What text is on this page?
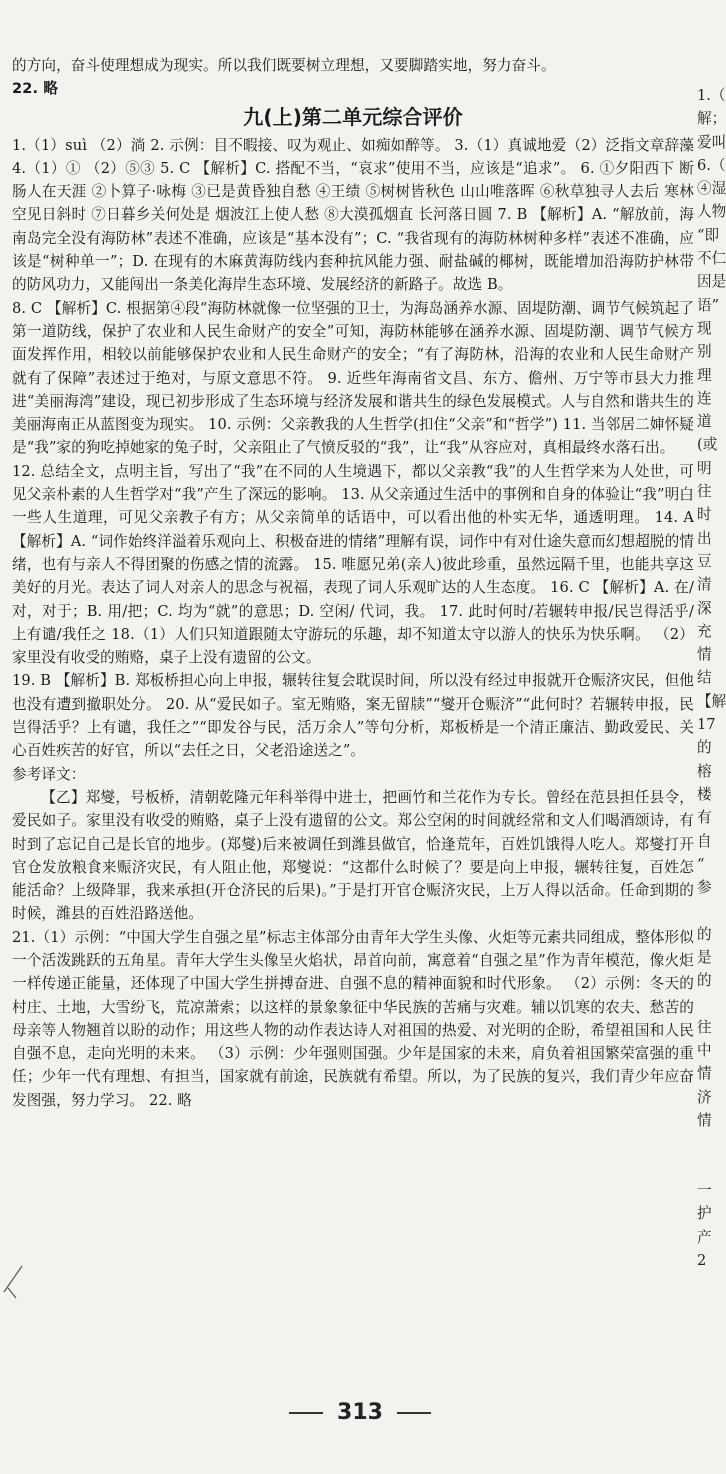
的方向，奋斗使理想成为现实。所以我们既要树立理想，又要脚踏实地，努力奋斗。

22. 略

九(上)第二单元综合评价

1.（1）suì （2）淌 2. 示例：目不暇接、叹为观止、如痴如醉等。 3.（1）真诚地爱（2）泛指文章辞藻 4.（1）① （2）⑤③ 5. C 【解析】C. 搭配不当，“哀求”使用不当，应该是“追求”。 6. ①夕阳西下 断肠人在天涯 ②卜算子·咏梅 ③已是黄昏独自愁 ④王绩 ⑤树树皆秋色 山山唯落晖 ⑥秋草独寻人去后 寒林空见日斜时 ⑦日暮乡关何处是 烟波江上使人愁 ⑧大漠孤烟直 长河落日圆 7. B 【解析】A. “解放前，海南岛完全没有海防林”表述不准确，应该是“基本没有”；C. “我省现有的海防林树种多样”表述不准确，应该是“树种单一”；D. 在现有的木麻黄海防线内套种抗风能力强、耐盐碱的椰树，既能增加沿海防护林带的防风功力，又能闯出一条美化海岸生态环境、发展经济的新路子。故选 B。

8. C 【解析】C. 根据第④段“海防林就像一位坚强的卫士，为海岛涵养水源、固堤防潮、调节气候筑起了第一道防线，保护了农业和人民生命财产的安全”可知，海防林能够在涵养水源、固堤防潮、调节气候方面发挥作用，相较以前能够保护农业和人民生命财产的安全；“有了海防林，沿海的农业和人民生命财产就有了保障”表述过于绝对，与原文意思不符。 9. 近些年海南省文昌、东方、儋州、万宁等市县大力推进“美丽海湾”建设，现已初步形成了生态环境与经济发展和谐共生的绿色发展模式。人与自然和谐共生的美丽海南正从蓝图变为现实。 10. 示例：父亲教我的人生哲学(扣住“父亲”和“哲学”) 11. 当邻居二婶怀疑是“我”家的狗吃掉她家的兔子时，父亲阻止了气愤反驳的“我”，让“我”从容应对，真相最终水落石出。

12. 总结全文，点明主旨，写出了“我”在不同的人生境遇下，都以父亲教“我”的人生哲学来为人处世，可见父亲朴素的人生哲学对“我”产生了深远的影响。 13. 从父亲通过生活中的事例和自身的体验让“我”明白一些人生道理，可见父亲教子有方；从父亲简单的话语中，可以看出他的朴实无华，通透明理。 14. A 【解析】A. “词作始终洋溢着乐观向上、积极奋进的情绪”理解有误，词作中有对仕途失意而幻想超脱的情绪，也有与亲人不得团聚的伤感之情的流露。 15. 唯愿兄弟(亲人)彼此珍重，虽然远隔千里，也能共享这美好的月光。表达了词人对亲人的思念与祝福，表现了词人乐观旷达的人生态度。 16. C 【解析】A. 在/对，对于；B. 用/把；C. 均为“就”的意思；D. 空闲/ 代词，我。 17. 此时何时/若辗转申报/民岂得活乎/上有谴/我任之 18.（1）人们只知道跟随太守游玩的乐趣，却不知道太守以游人的快乐为快乐啊。 （2）家里没有收受的贿赂，桌子上没有遗留的公文。

19. B 【解析】B. 郑板桥担心向上申报，辗转往复会耽误时间，所以没有经过申报就开仓赈济灾民，但他也没有遭到撤职处分。 20. 从“爱民如子。室无贿赂，案无留牍”“燮开仓赈济”“此何时？若辗转申报，民岂得活乎？上有谴，我任之”“即发谷与民，活万余人”等句分析，郑板桥是一个清正廉洁、勤政爱民、关心百姓疾苦的好官，所以“去任之日，父老沿途送之”。

参考译文：

【乙】郑燮，号板桥，清朝乾隆元年科举得中进士，把画竹和兰花作为专长。曾经在范县担任县令，爱民如子。家里没有收受的贿赂，桌子上没有遗留的公文。郑公空闲的时间就经常和文人们喝酒颂诗，有时到了忘记自己是长官的地步。(郑燮)后来被调任到潍县做官，恰逢荒年，百姓饥饿得人吃人。郑燮打开官仓发放粮食来赈济灾民，有人阻止他，郑燮说：“这都什么时候了？要是向上申报，辗转往复，百姓怎能活命？上级降罪，我来承担(开仓济民的后果)。”于是打开官仓赈济灾民，上万人得以活命。任命到期的时候，潍县的百姓沿路送他。

21.（1）示例：“中国大学生自强之星”标志主体部分由青年大学生头像、火炬等元素共同组成，整体形似一个活泼跳跃的五角星。青年大学生头像呈火焰状，昂首向前，寓意着“自强之星”作为青年模范，像火炬一样传递正能量，还体现了中国大学生拼搏奋进、自强不息的精神面貌和时代形象。 （2）示例：冬天的村庄、土地，大雪纷飞，荒凉萧索；以这样的景象象征中华民族的苦痛与灾难。辅以饥寒的农夫、愁苦的母亲等人物翘首以盼的动作；用这些人物的动作表达诗人对祖国的热爱、对光明的企盼，希望祖国和人民自强不息，走向光明的未来。 （3）示例：少年强则国强。少年是国家的未来，肩负着祖国繁荣富强的重任；少年一代有理想、有担当，国家就有前途，民族就有希望。所以，为了民族的复兴，我们青少年应奋发图强，努力学习。 22. 略

1.（
解；
爱叫
6.（
④湿
人物
“即
不仁
因是
语”
现
别
理
连
道
(或
明
往
时
出
豆
清
深
充
情
结
【解
17
的
榕
楼
有
自
“
参
的
是
的
往
中
情
济
情
一
护
产
2
313
